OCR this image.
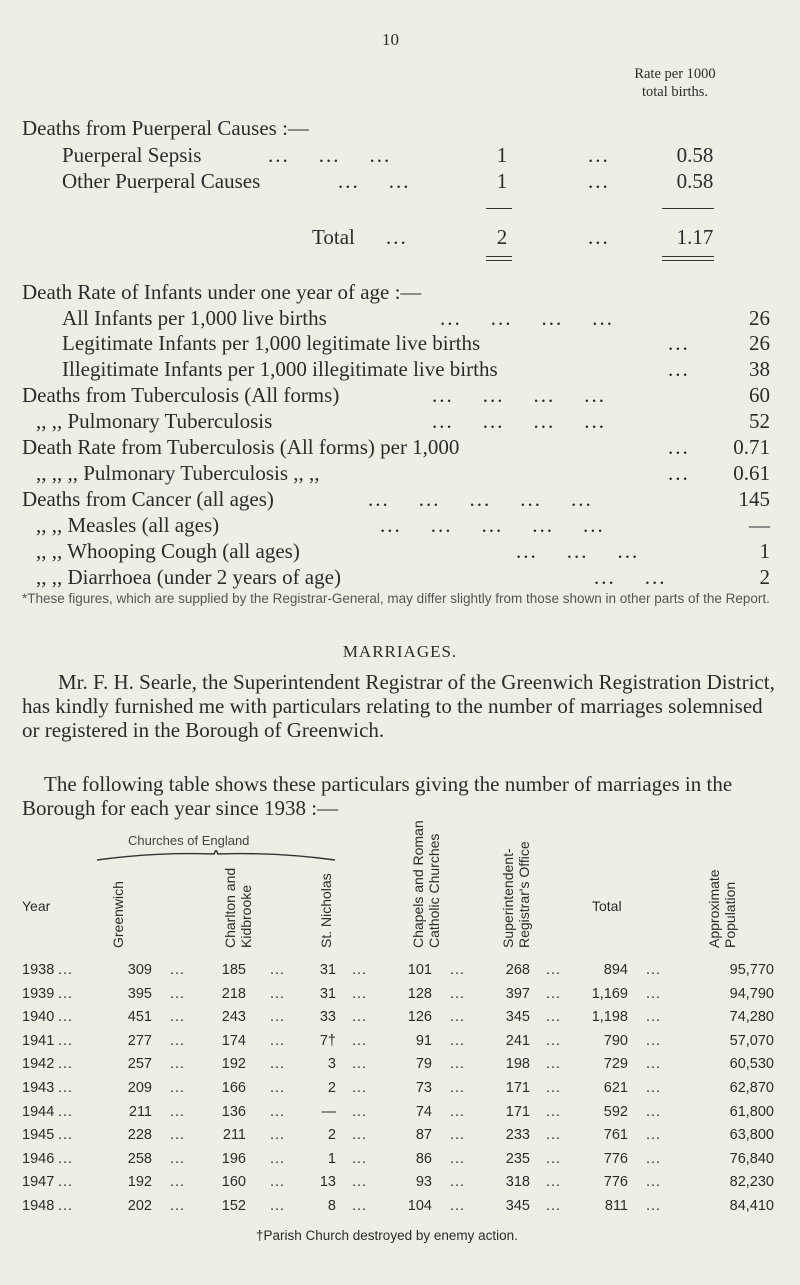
10
Rate per 1000
total births.
Deaths from Puerperal Causes :—
Puerperal Sepsis	...    ...    ...	1	...	0.58
Other Puerperal Causes	...    ...	1	...	0.58
Total ...	2	...	1.17
Death Rate of Infants under one year of age :—
All Infants per 1,000 live births	...    ...    ...    ...	26
Legitimate Infants per 1,000 legitimate live births	...	26
Illegitimate Infants per 1,000 illegitimate live births	...	38
Deaths from Tuberculosis (All forms)	...    ...    ...    ...	60
,, ,, Pulmonary Tuberculosis	...    ...    ...    ...	52
Death Rate from Tuberculosis (All forms) per 1,000	...	0.71
,, ,, ,, Pulmonary Tuberculosis ,, ,,	...	0.61
Deaths from Cancer (all ages)	...    ...    ...    ...    ...	145
,, ,, Measles (all ages)	...    ...    ...    ...    ...	—
,, ,, Whooping Cough (all ages)	...    ...    ...	1
,, ,, Diarrhoea (under 2 years of age)	...    ...	2
*These figures, which are supplied by the Registrar-General, may differ slightly from those shown in other parts of the Report.
MARRIAGES.
Mr. F. H. Searle, the Superintendent Registrar of the Greenwich Registration District, has kindly furnished me with particulars relating to the number of marriages solemnised or registered in the Borough of Greenwich.
The following table shows these particulars giving the number of marriages in the Borough for each year since 1938 :—
Churches of England
Year	Greenwich	Charlton and Kidbrooke	St. Nicholas	Chapels and Roman Catholic Churches	Superintendent- Registrar's Office	Total	Approximate Population
1938 ...	309 ...	185 ...	31 ...	101 ...	268 ...	894 ...	95,770
1939 ...	395 ...	218 ...	31 ...	128 ...	397 ...	1,169 ...	94,790
1940 ...	451 ...	243 ...	33 ...	126 ...	345 ...	1,198 ...	74,280
1941 ...	277 ...	174 ...	7† ...	91 ...	241 ...	790 ...	57,070
1942 ...	257 ...	192 ...	3 ...	79 ...	198 ...	729 ...	60,530
1943 ...	209 ...	166 ...	2 ...	73 ...	171 ...	621 ...	62,870
1944 ...	211 ...	136 ...	— ...	74 ...	171 ...	592 ...	61,800
1945 ...	228 ...	211 ...	2 ...	87 ...	233 ...	761 ...	63,800
1946 ...	258 ...	196 ...	1 ...	86 ...	235 ...	776 ...	76,840
1947 ...	192 ...	160 ...	13 ...	93 ...	318 ...	776 ...	82,230
1948 ...	202 ...	152 ...	8 ...	104 ...	345 ...	811 ...	84,410
†Parish Church destroyed by enemy action.
